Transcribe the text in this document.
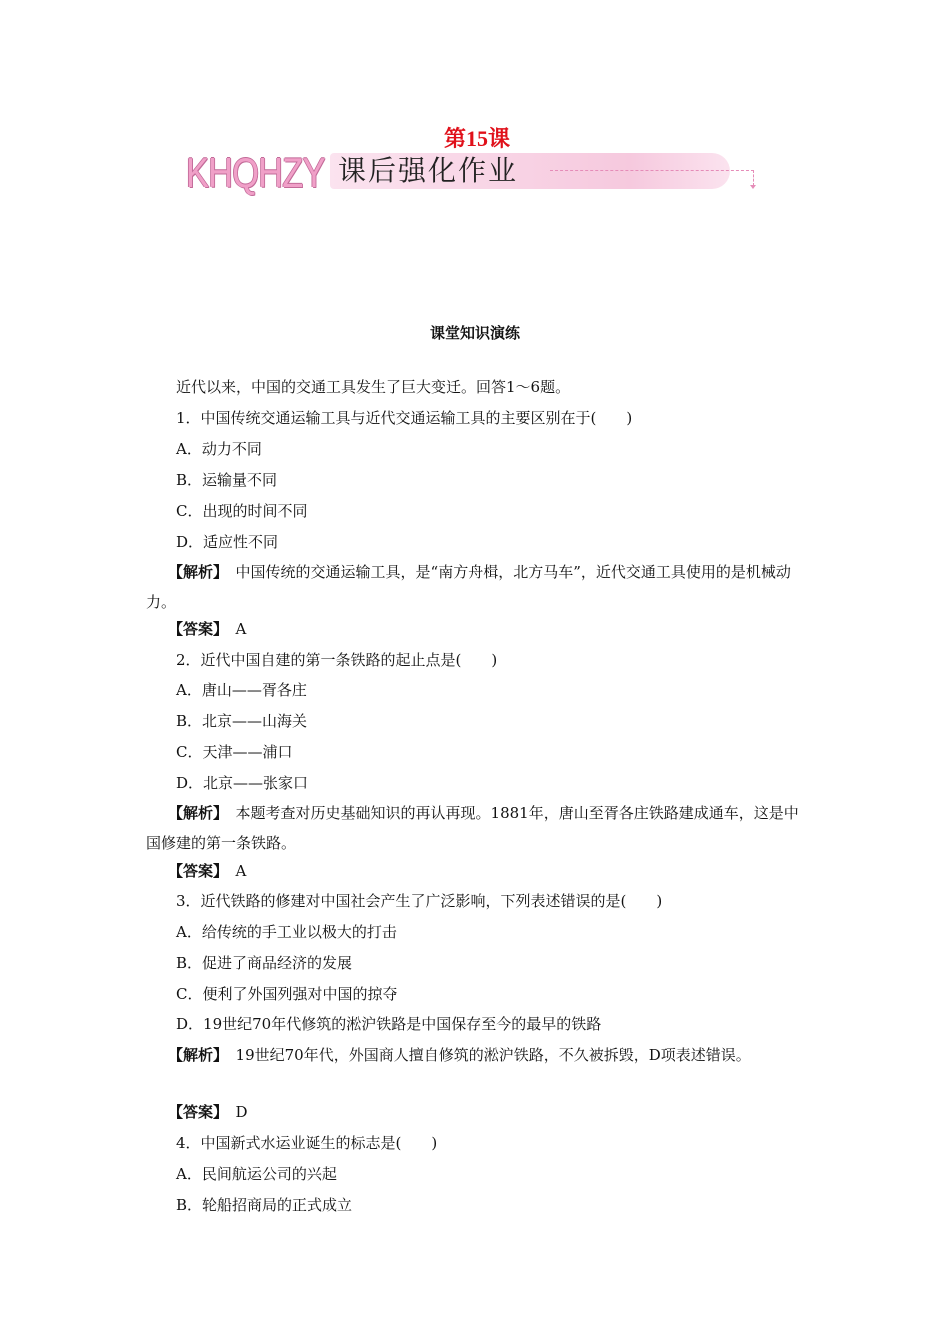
第15课
KHQHZY 课后强化作业
课堂知识演练
近代以来，中国的交通工具发生了巨大变迁。回答1～6题。
1．中国传统交通运输工具与近代交通运输工具的主要区别在于(　　)
A．动力不同
B．运输量不同
C．出现的时间不同
D．适应性不同
【解析】　 中国传统的交通运输工具，是“南方舟楫，北方马车”，近代交通工具使用的是机械动力。
【答案】　 A
2．近代中国自建的第一条铁路的起止点是(　　)
A．唐山——胥各庄
B．北京——山海关
C．天津——浦口
D．北京——张家口
【解析】　 本题考查对历史基础知识的再认再现。1881年，唐山至胥各庄铁路建成通车，这是中国修建的第一条铁路。
【答案】　 A
3．近代铁路的修建对中国社会产生了广泛影响，下列表述错误的是(　　)
A．给传统的手工业以极大的打击
B．促进了商品经济的发展
C．便利了外国列强对中国的掠夺
D．19世纪70年代修筑的淞沪铁路是中国保存至今的最早的铁路
【解析】　 19世纪70年代，外国商人擅自修筑的淞沪铁路，不久被拆毁，D项表述错误。
【答案】　 D
4．中国新式水运业诞生的标志是(　　)
A．民间航运公司的兴起
B．轮船招商局的正式成立
